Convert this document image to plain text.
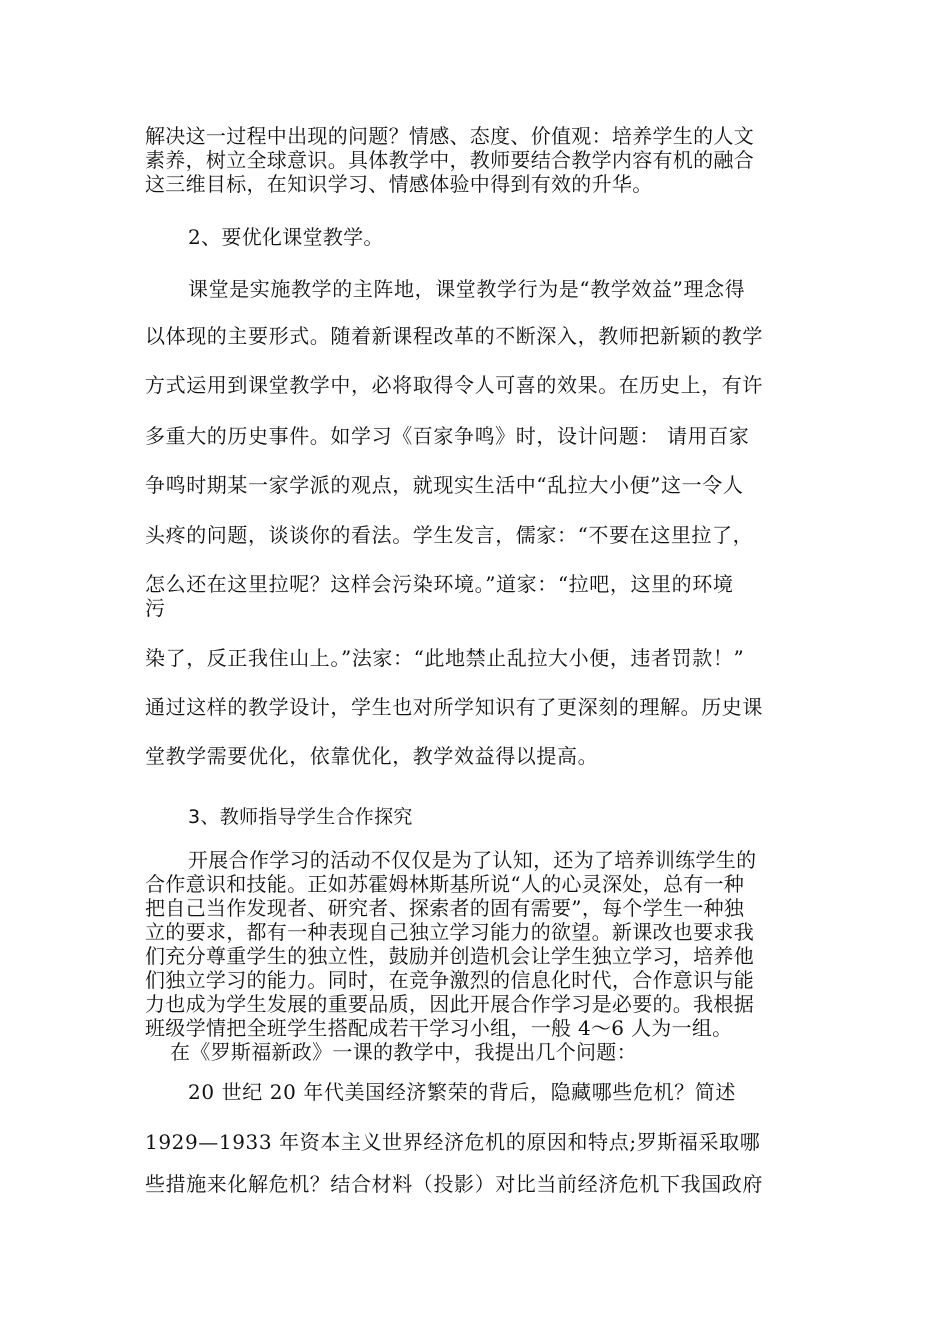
解决这一过程中出现的问题？情感、态度、价值观：培养学生的人文
素养，树立全球意识。具体教学中，教师要结合教学内容有机的融合
这三维目标，在知识学习、情感体验中得到有效的升华。
2、要优化课堂教学。
课堂是实施教学的主阵地，课堂教学行为是“教学效益”理念得
以体现的主要形式。随着新课程改革的不断深入，教师把新颖的教学
方式运用到课堂教学中，必将取得令人可喜的效果。在历史上，有许
多重大的历史事件。如学习《百家争鸣》时，设计问题： 请用百家
争鸣时期某一家学派的观点，就现实生活中“乱拉大小便”这一令人
头疼的问题，谈谈你的看法。学生发言，儒家：“不要在这里拉了，
怎么还在这里拉呢？这样会污染环境。”道家：“拉吧，这里的环境
污
染了，反正我住山上。”法家：“此地禁止乱拉大小便，违者罚款！”
通过这样的教学设计，学生也对所学知识有了更深刻的理解。历史课
堂教学需要优化，依靠优化，教学效益得以提高。
3、教师指导学生合作探究
开展合作学习的活动不仅仅是为了认知，还为了培养训练学生的
合作意识和技能。正如苏霍姆林斯基所说“人的心灵深处，总有一种
把自己当作发现者、研究者、探索者的固有需要”，每个学生一种独
立的要求，都有一种表现自己独立学习能力的欲望。新课改也要求我
们充分尊重学生的独立性，鼓励并创造机会让学生独立学习，培养他
们独立学习的能力。同时，在竞争激烈的信息化时代，合作意识与能
力也成为学生发展的重要品质，因此开展合作学习是必要的。我根据
班级学情把全班学生搭配成若干学习小组，一般 4～6 人为一组。
在《罗斯福新政》一课的教学中，我提出几个问题：
20 世纪 20 年代美国经济繁荣的背后，隐藏哪些危机？简述
1929—1933 年资本主义世界经济危机的原因和特点;罗斯福采取哪
些措施来化解危机？结合材料（投影）对比当前经济危机下我国政府
